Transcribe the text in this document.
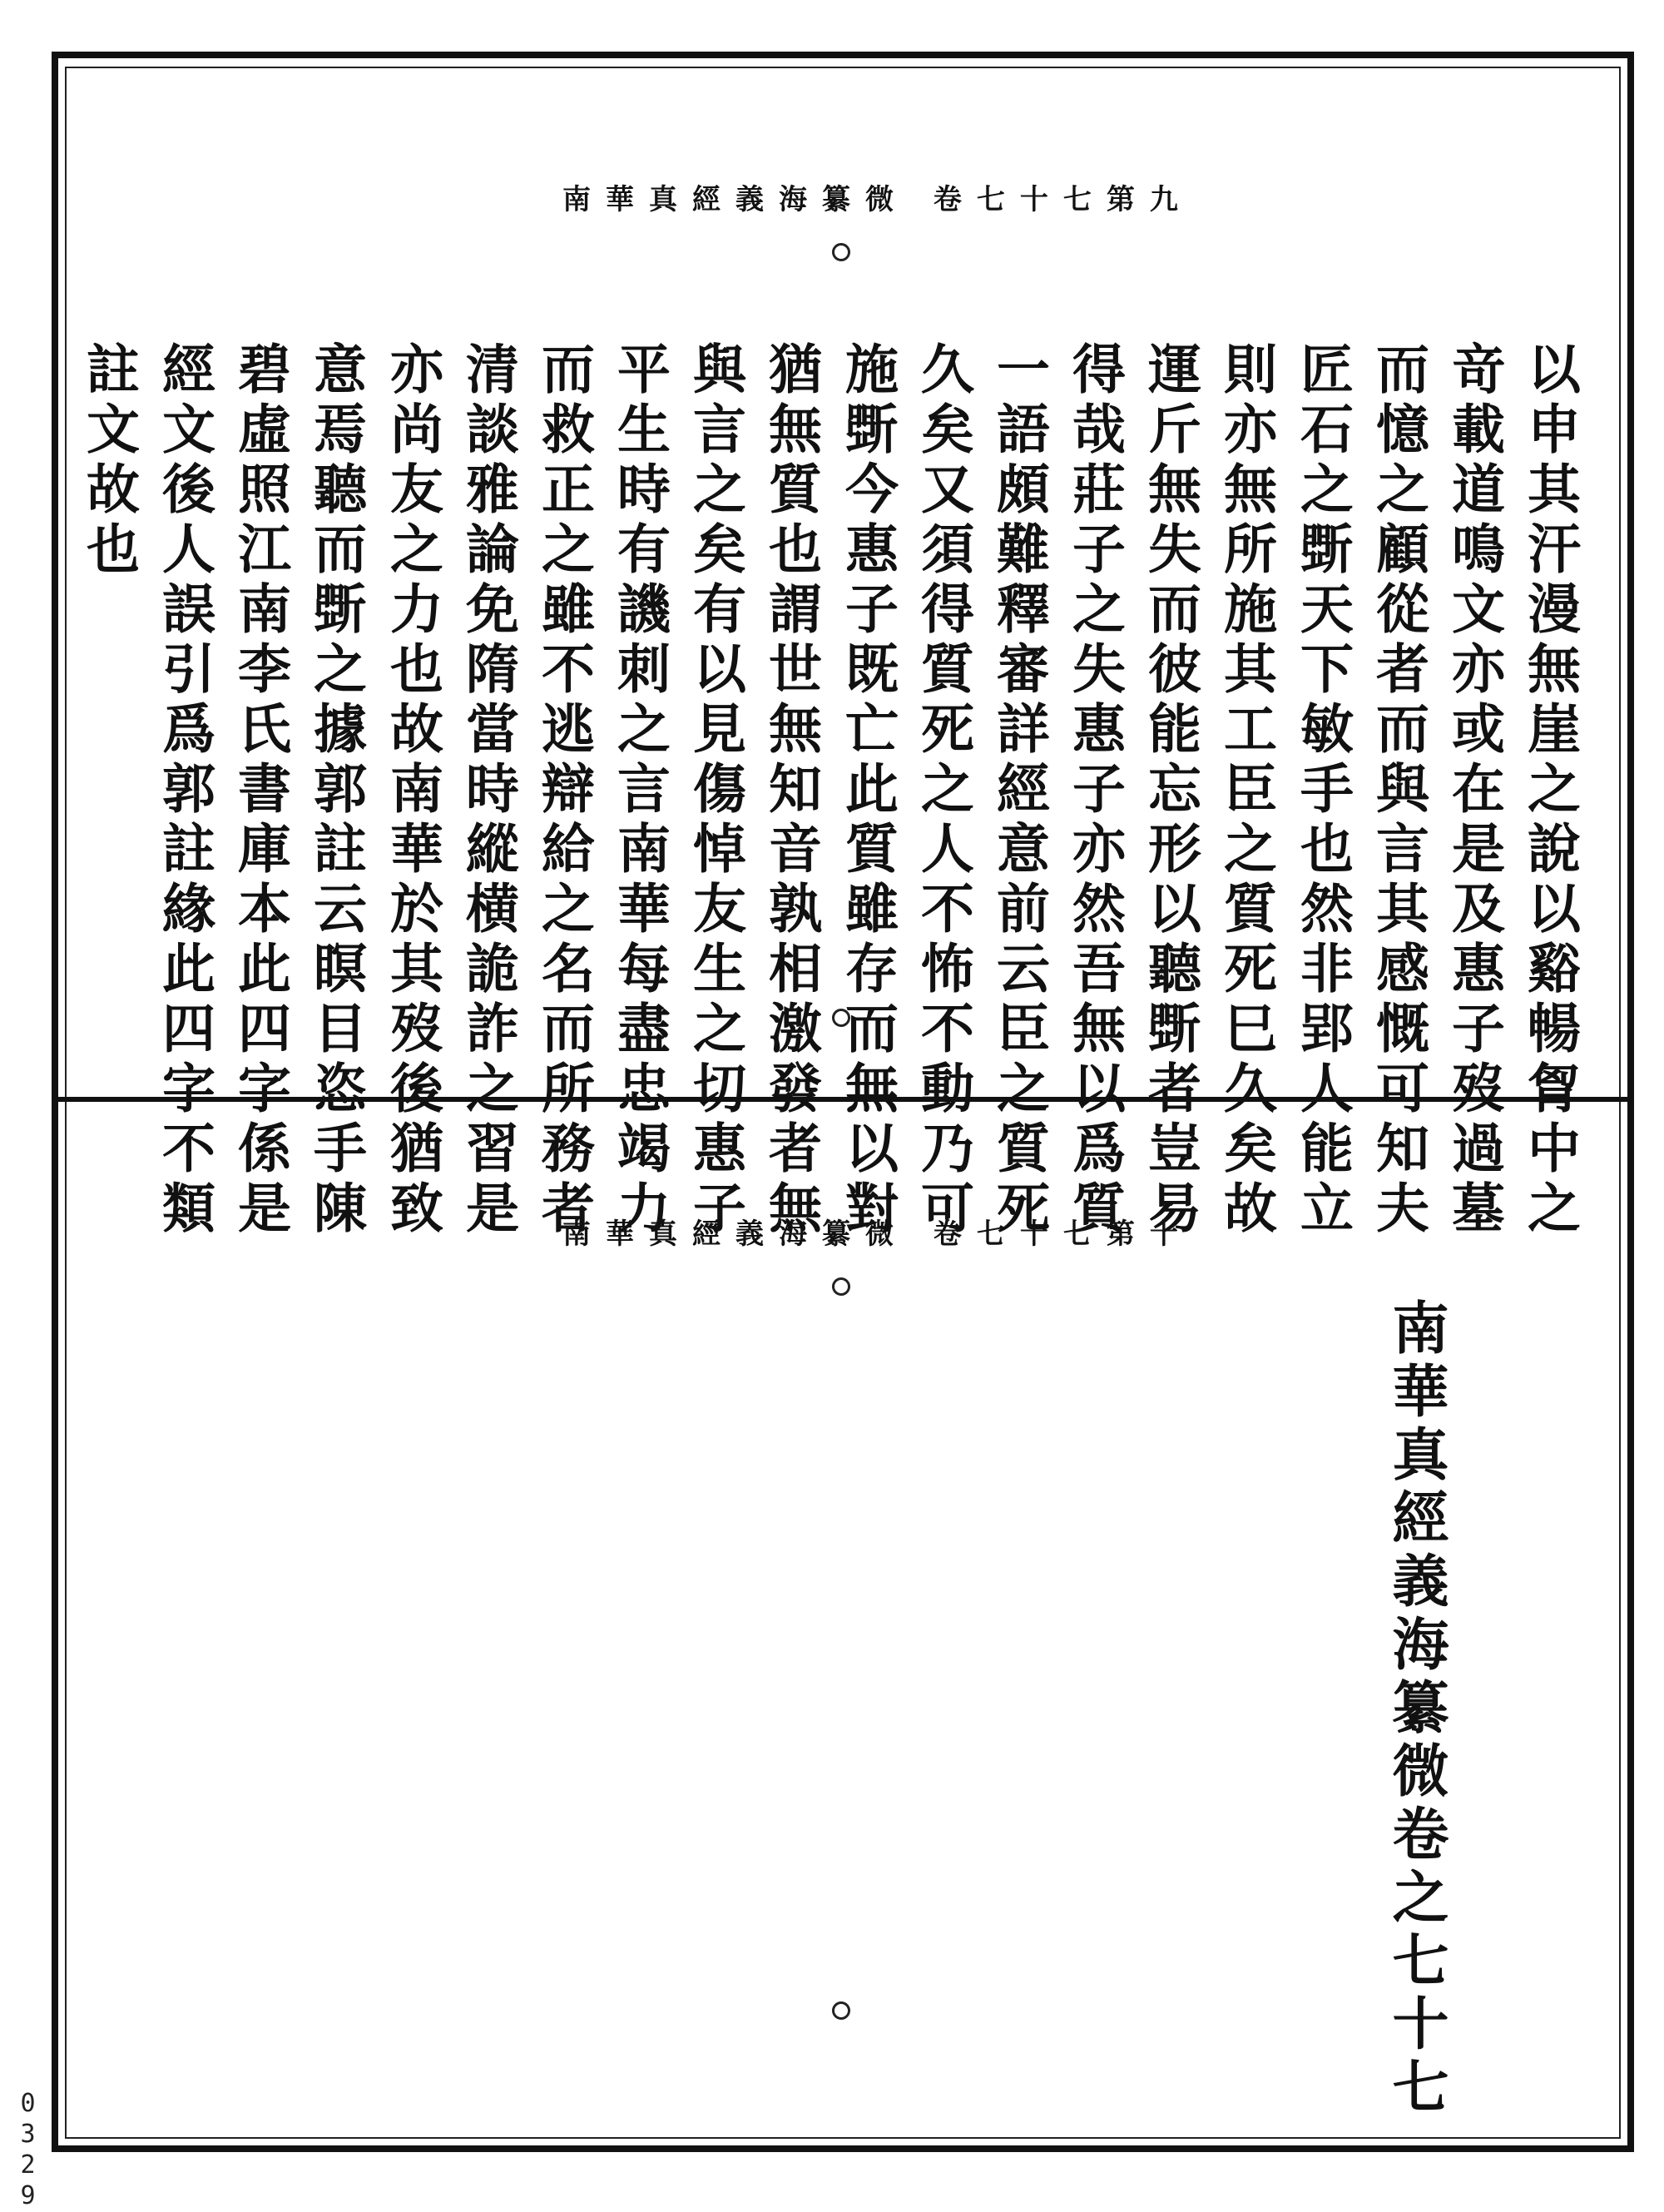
南華真經義海纂微 卷七十七第九
以申其汗漫無崖之說以谿暢胷中之
竒載道鳴文亦或在是及惠子歿過墓
而憶之顧從者而與言其感慨可知夫
匠石之斲天下敏手也然非郢人能立
則亦無所施其工臣之質死巳久矣故
運斤無失而彼能忘形以聽斲者豈易
得哉莊子之失惠子亦然吾無以爲質
一語頗難釋審詳經意前云臣之質死
久矣又須得質死之人不怖不動乃可
施斲今惠子既亡此質雖存而無以對
猶無質也謂世無知音孰相激發者無
與言之矣有以見傷悼友生之切惠子
平生時有譏刺之言南華每盡忠竭力
而救正之雖不逃辯給之名而所務者
清談雅論免隋當時縱横詭詐之習是
亦尚友之力也故南華於其歿後猶致
意焉聽而斲之據郭註云瞑目恣手陳
碧虛照江南李氏書庫本此四字係是
經文後人誤引爲郭註緣此四字不類
註文故也
南華真經義海纂微 卷七十七第十
南華真經義海纂微卷之七十七
0329
